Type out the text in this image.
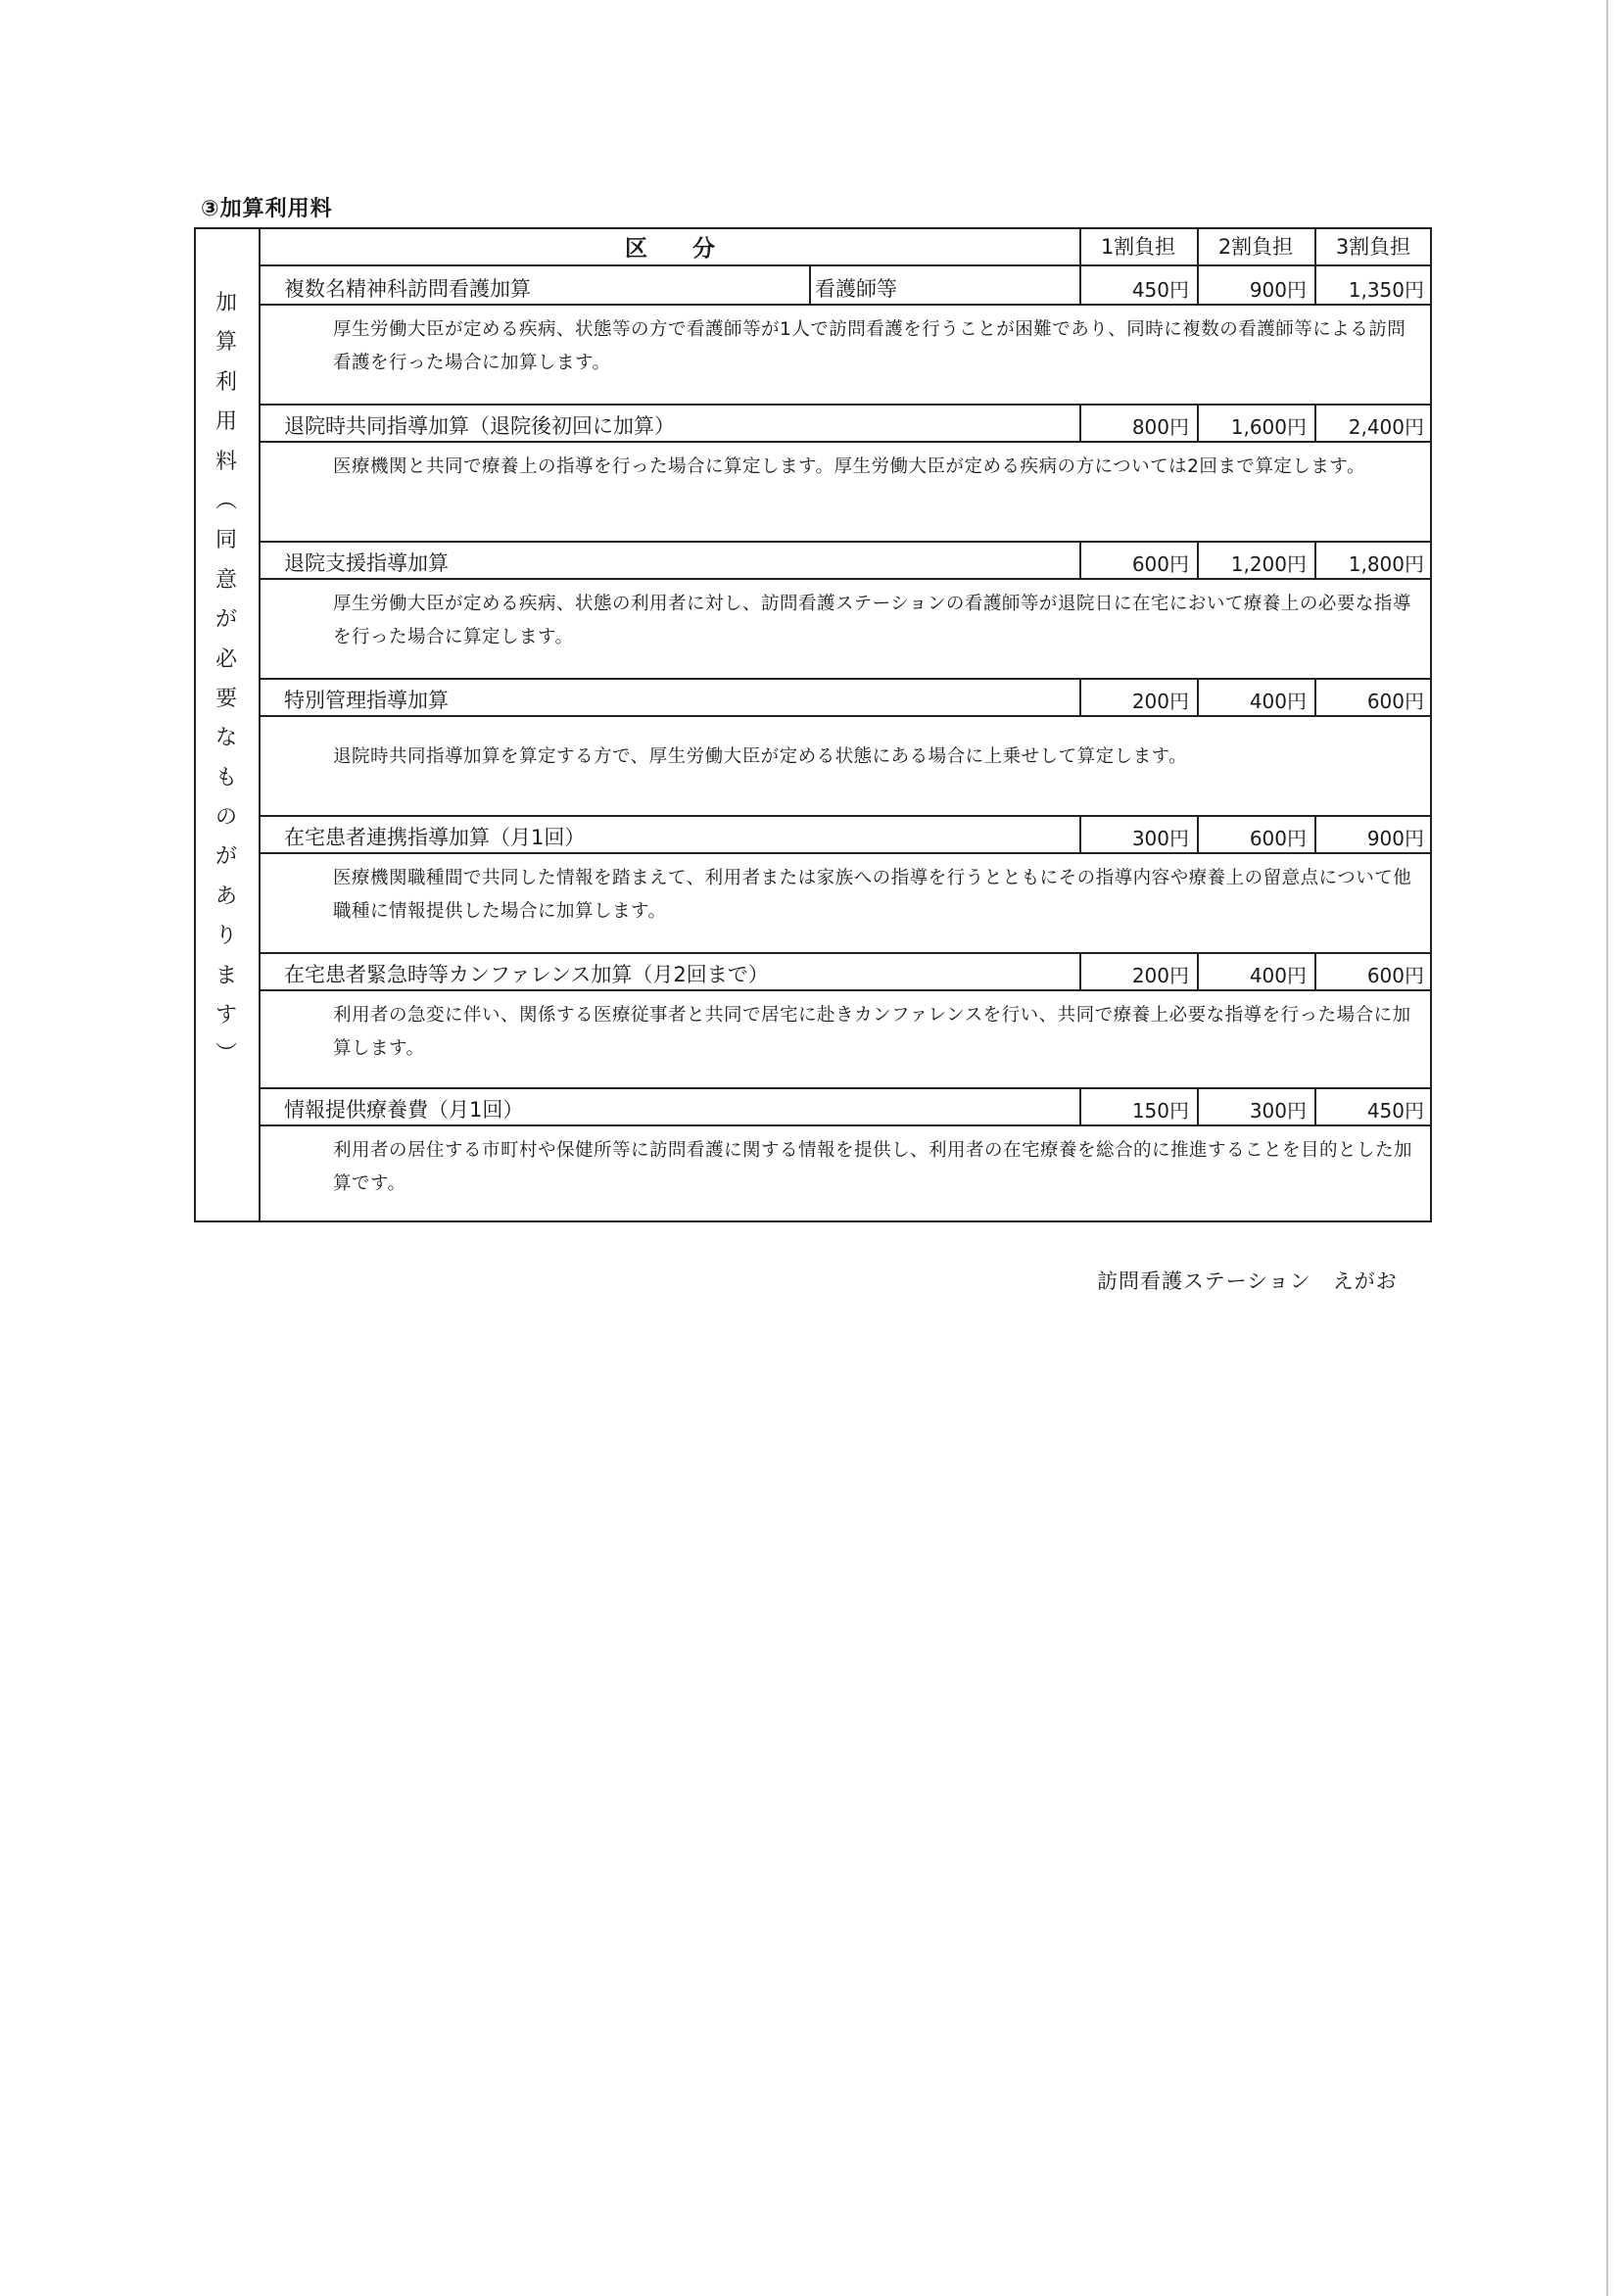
③加算利用料
加
算
利
用
料
︵
同
意
が
必
要
な
も
の
が
あ
り
ま
す
︶
区　　分	1割負担	2割負担	3割負担
複数名精神科訪問看護加算	看護師等	450円	900円	1,350円
厚生労働大臣が定める疾病、状態等の方で看護師等が1人で訪問看護を行うことが困難であり、同時に複数の看護師等による訪問看護を行った場合に加算します。
退院時共同指導加算（退院後初回に加算）	800円	1,600円	2,400円
医療機関と共同で療養上の指導を行った場合に算定します。厚生労働大臣が定める疾病の方については2回まで算定します。
退院支援指導加算	600円	1,200円	1,800円
厚生労働大臣が定める疾病、状態の利用者に対し、訪問看護ステーションの看護師等が退院日に在宅において療養上の必要な指導を行った場合に算定します。
特別管理指導加算	200円	400円	600円
退院時共同指導加算を算定する方で、厚生労働大臣が定める状態にある場合に上乗せして算定します。
在宅患者連携指導加算（月1回）	300円	600円	900円
医療機関職種間で共同した情報を踏まえて、利用者または家族への指導を行うとともにその指導内容や療養上の留意点について他職種に情報提供した場合に加算します。
在宅患者緊急時等カンファレンス加算（月2回まで）	200円	400円	600円
利用者の急変に伴い、関係する医療従事者と共同で居宅に赴きカンファレンスを行い、共同で療養上必要な指導を行った場合に加算します。
情報提供療養費（月1回）	150円	300円	450円
利用者の居住する市町村や保健所等に訪問看護に関する情報を提供し、利用者の在宅療養を総合的に推進することを目的とした加算です。
訪問看護ステーション　えがお
